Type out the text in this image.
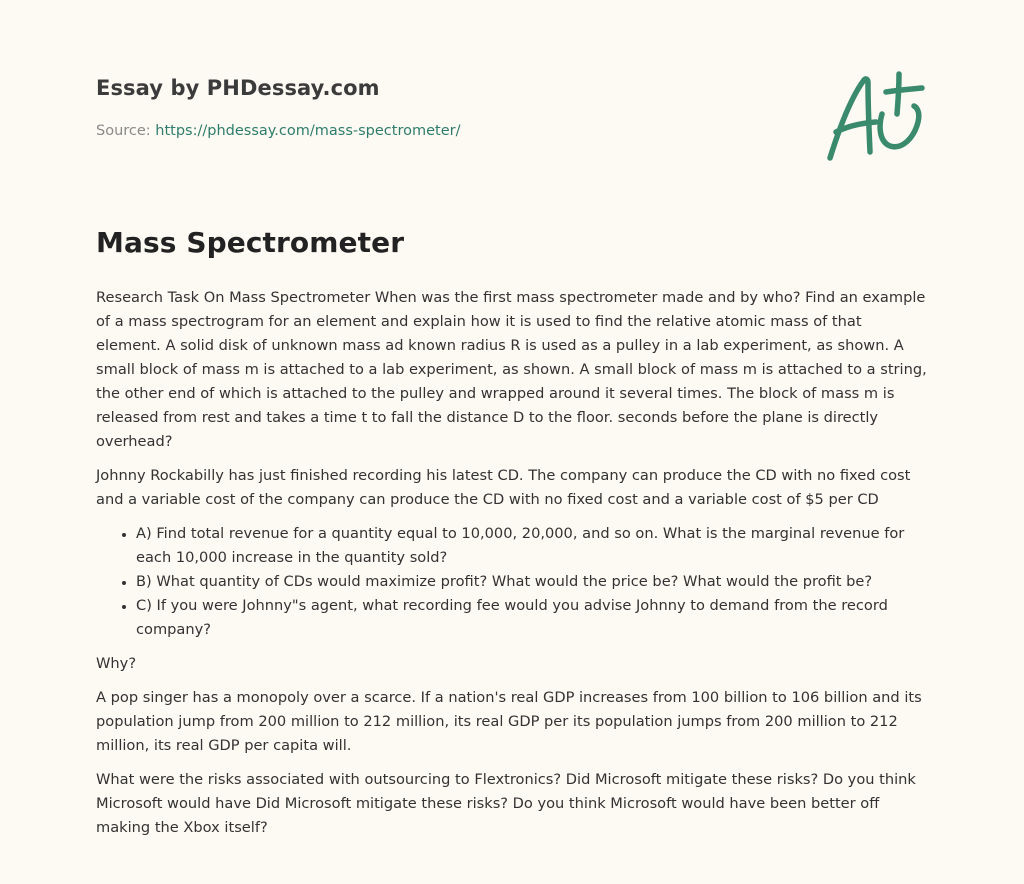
Essay by PHDessay.com
Source: https://phdessay.com/mass-spectrometer/
Mass Spectrometer

Research Task On Mass Spectrometer When was the first mass spectrometer made and by who? Find an example of a mass spectrogram for an element and explain how it is used to find the relative atomic mass of that element. A solid disk of unknown mass ad known radius R is used as a pulley in a lab experiment, as shown. A small block of mass m is attached to a lab experiment, as shown. A small block of mass m is attached to a string, the other end of which is attached to the pulley and wrapped around it several times. The block of mass m is released from rest and takes a time t to fall the distance D to the floor. seconds before the plane is directly overhead?

Johnny Rockabilly has just finished recording his latest CD. The company can produce the CD with no fixed cost and a variable cost of the company can produce the CD with no fixed cost and a variable cost of $5 per CD

• A) Find total revenue for a quantity equal to 10,000, 20,000, and so on. What is the marginal revenue for each 10,000 increase in the quantity sold?
• B) What quantity of CDs would maximize profit? What would the price be? What would the profit be?
• C) If you were Johnny"s agent, what recording fee would you advise Johnny to demand from the record company?

Why?

A pop singer has a monopoly over a scarce. If a nation's real GDP increases from 100 billion to 106 billion and its population jump from 200 million to 212 million, its real GDP per its population jumps from 200 million to 212 million, its real GDP per capita will.

What were the risks associated with outsourcing to Flextronics? Did Microsoft mitigate these risks? Do you think Microsoft would have Did Microsoft mitigate these risks? Do you think Microsoft would have been better off making the Xbox itself?
